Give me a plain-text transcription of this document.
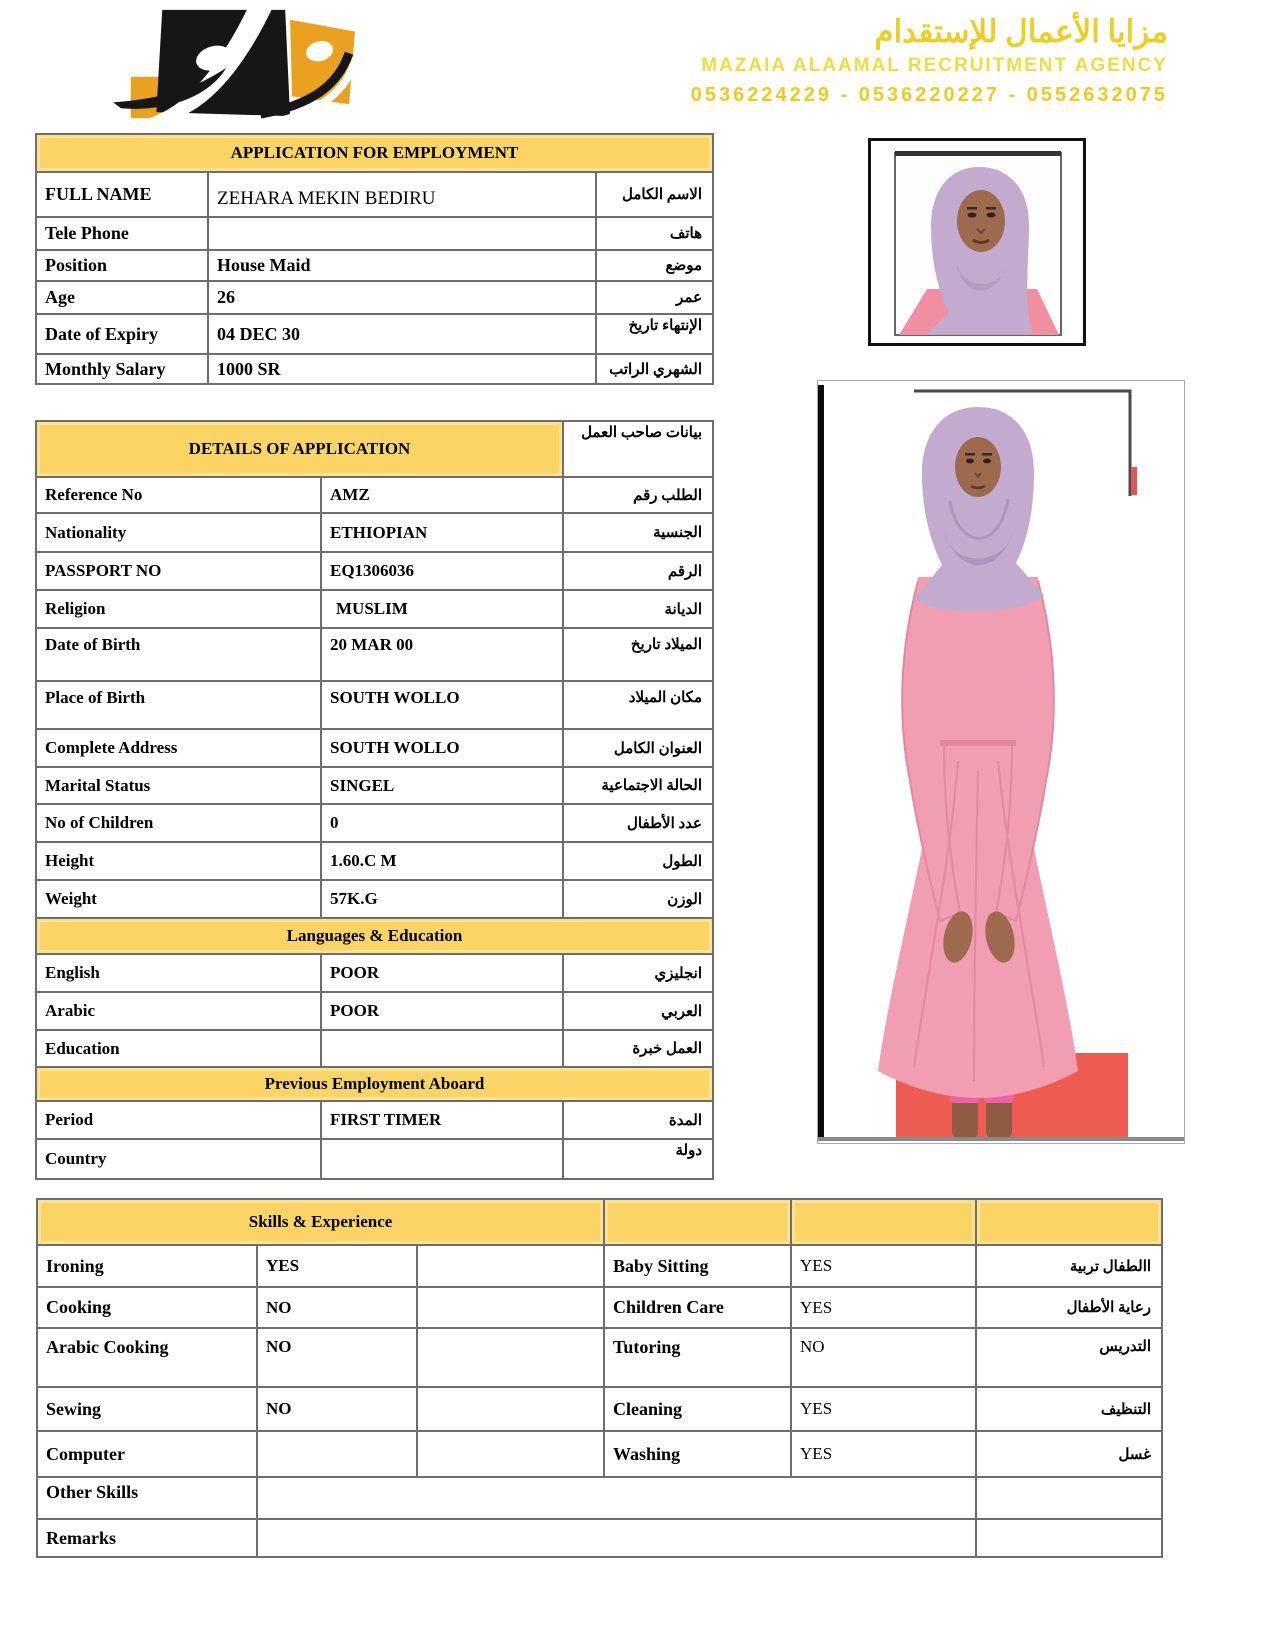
مزايا الأعمال للإستقدام
MAZAIA ALAAMAL RECRUITMENT AGENCY
0536224229 - 0536220227 - 0552632075
APPLICATION FOR EMPLOYMENT		
FULL NAME	ZEHARA MEKIN BEDIRU	الاسم الكامل
Tele Phone		هاتف
Position	House Maid	موضع
Age	26	عمر
Date of Expiry	04 DEC 30	الإنتهاء تاريخ
Monthly Salary	1000 SR	الشهري الراتب
DETAILS OF APPLICATION		بيانات صاحب العمل
Reference No	AMZ	الطلب رقم
Nationality	ETHIOPIAN	الجنسية
PASSPORT NO	EQ1306036	الرقم
Religion	MUSLIM	الديانة
Date of Birth	20 MAR 00	الميلاد تاريخ
Place of Birth	SOUTH WOLLO	مكان الميلاد
Complete Address	SOUTH WOLLO	العنوان الكامل
Marital Status	SINGEL	الحالة الاجتماعية
No of Children	0	عدد الأطفال
Height	1.60.C M	الطول
Weight	57K.G	الوزن
Languages & Education		
English	POOR	انجليزي
Arabic	POOR	العربي
Education		العمل خبرة
Previous Employment Aboard		
Period	FIRST TIMER	المدة
Country		دولة
Skills & Experience					
Ironing	YES		Baby Sitting	YES	االطفال تربية
Cooking	NO		Children Care	YES	رعاية الأطفال
Arabic Cooking	NO		Tutoring	NO	التدريس
Sewing	NO		Cleaning	YES	التنظيف
Computer			Washing	YES	غسل
Other Skills					
Remarks					
